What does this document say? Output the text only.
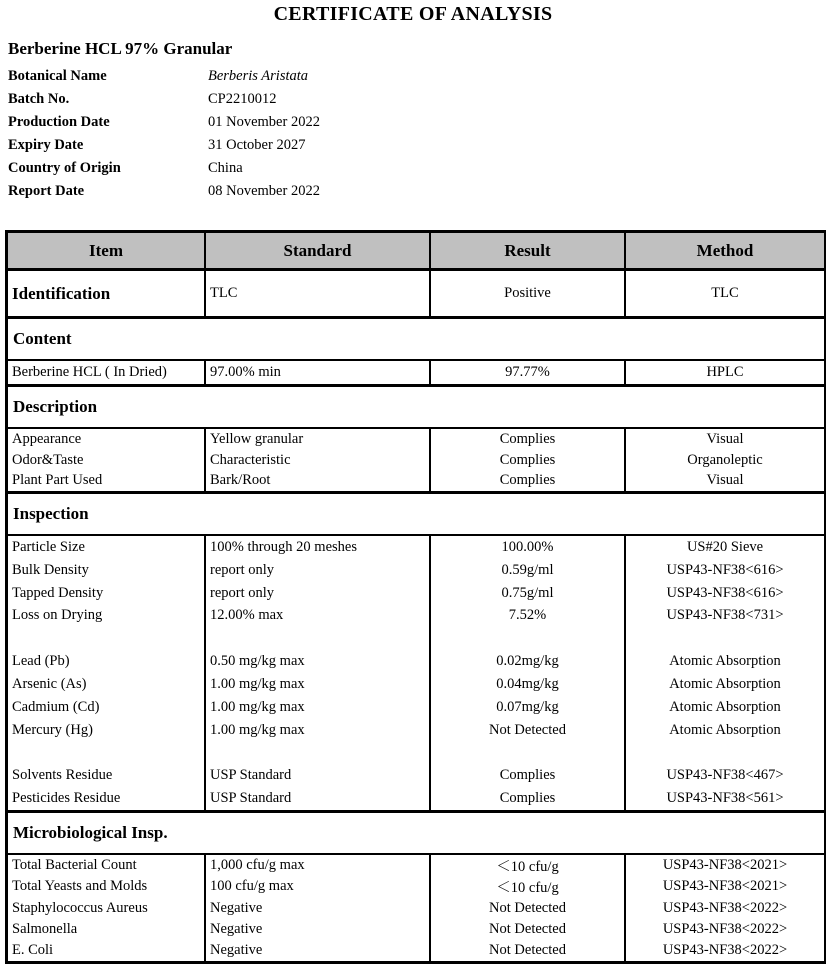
CERTIFICATE OF ANALYSIS
Berberine HCL 97% Granular
Botanical Name	Berberis Aristata
Batch No.	CP2210012
Production Date	01 November 2022
Expiry Date	31 October 2027
Country of Origin	China
Report Date	08 November 2022
Item	Standard	Result	Method
Identification	TLC	Positive	TLC
Content
Berberine HCL ( In Dried)	97.00% min	97.77%	HPLC
Description
Appearance	Yellow granular	Complies	Visual
Odor&Taste	Characteristic	Complies	Organoleptic
Plant Part Used	Bark/Root	Complies	Visual
Inspection
Particle Size	100% through 20 meshes	100.00%	US#20 Sieve
Bulk Density	report only	0.59g/ml	USP43-NF38<616>
Tapped Density	report only	0.75g/ml	USP43-NF38<616>
Loss on Drying	12.00% max	7.52%	USP43-NF38<731>
Lead (Pb)	0.50 mg/kg max	0.02mg/kg	Atomic Absorption
Arsenic (As)	1.00 mg/kg max	0.04mg/kg	Atomic Absorption
Cadmium (Cd)	1.00 mg/kg max	0.07mg/kg	Atomic Absorption
Mercury (Hg)	1.00 mg/kg max	Not Detected	Atomic Absorption
Solvents Residue	USP Standard	Complies	USP43-NF38<467>
Pesticides Residue	USP Standard	Complies	USP43-NF38<561>
Microbiological Insp.
Total Bacterial Count	1,000 cfu/g max	＜10 cfu/g	USP43-NF38<2021>
Total Yeasts and Molds	100 cfu/g max	＜10 cfu/g	USP43-NF38<2021>
Staphylococcus Aureus	Negative	Not Detected	USP43-NF38<2022>
Salmonella	Negative	Not Detected	USP43-NF38<2022>
E. Coli	Negative	Not Detected	USP43-NF38<2022>
